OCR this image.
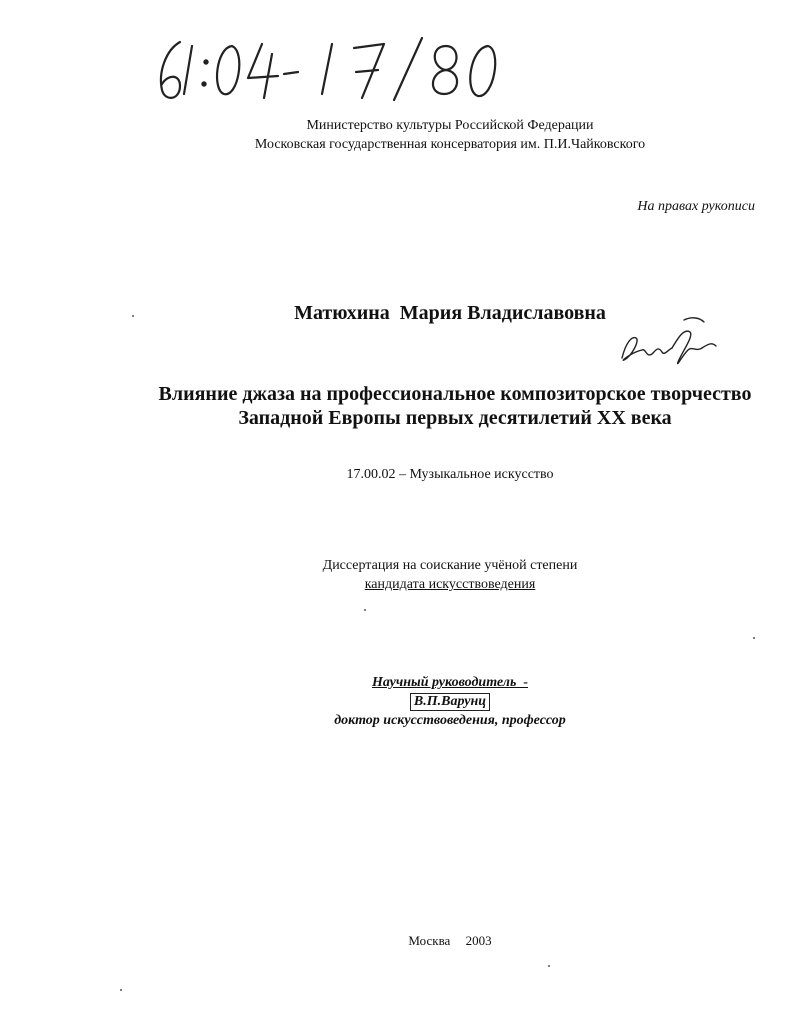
Министерство культуры Российской Федерации
Московская государственная консерватория им. П.И.Чайковского
На правах рукописи
Матюхина  Мария Владиславовна
Влияние джаза на профессиональное композиторское творчество
Западной Европы первых десятилетий XX века
17.00.02 – Музыкальное искусство
Диссертация на соискание учёной степени
кандидата искусствоведения
Научный руководитель  -
В.П.Варунц
доктор искусствоведения, профессор
Москва 2003
